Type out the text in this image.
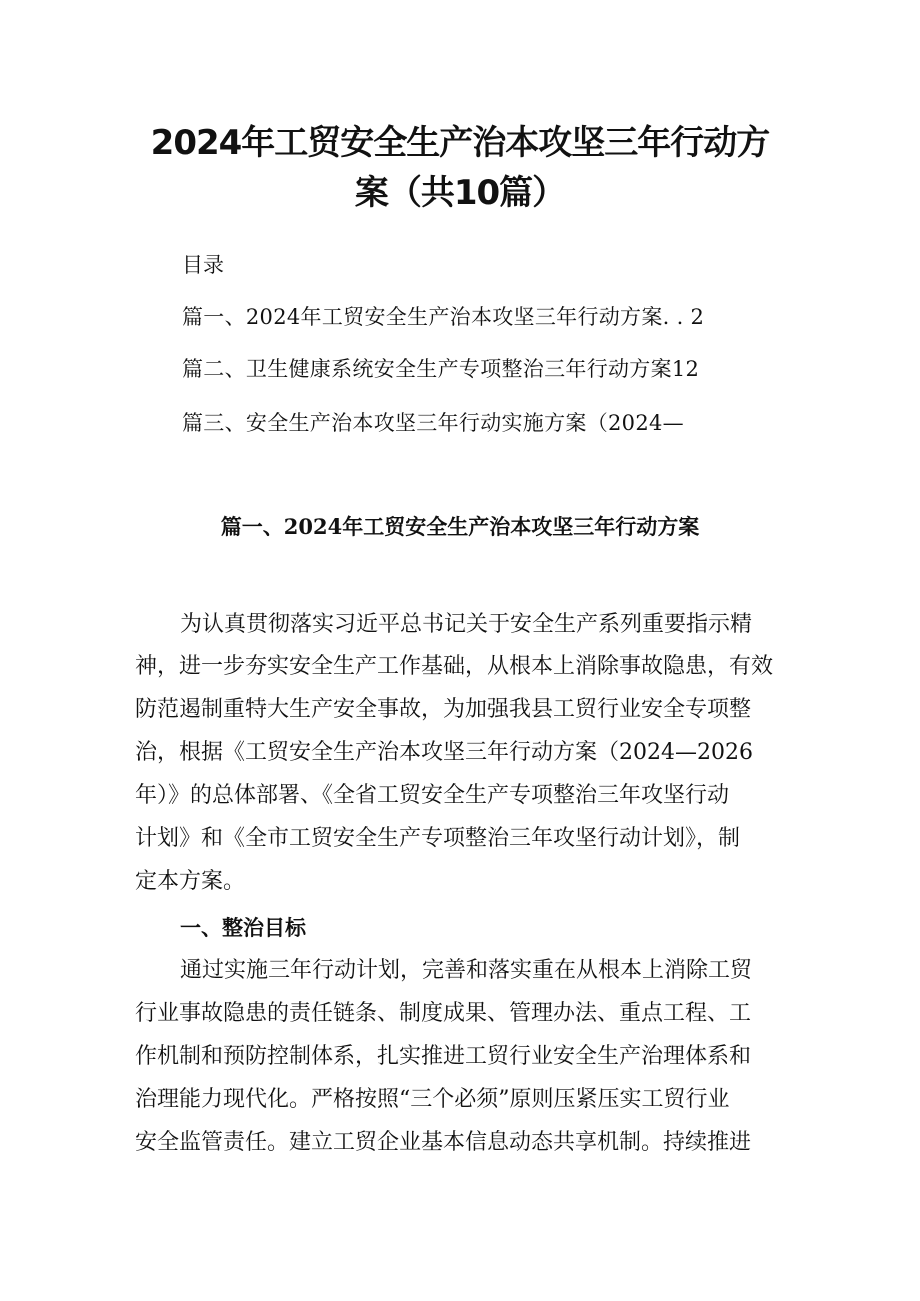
2024年工贸安全生产治本攻坚三年行动方
案（共10篇）
目录
篇一、2024年工贸安全生产治本攻坚三年行动方案. . 2
篇二、卫生健康系统安全生产专项整治三年行动方案12
篇三、安全生产治本攻坚三年行动实施方案（2024—
篇一、2024年工贸安全生产治本攻坚三年行动方案
为认真贯彻落实习近平总书记关于安全生产系列重要指示精
神，进一步夯实安全生产工作基础，从根本上消除事故隐患，有效
防范遏制重特大生产安全事故，为加强我县工贸行业安全专项整
治，根据《工贸安全生产治本攻坚三年行动方案（2024—2026
年）》的总体部署、《全省工贸安全生产专项整治三年攻坚行动
计划》和《全市工贸安全生产专项整治三年攻坚行动计划》，制
定本方案。
一、整治目标
通过实施三年行动计划，完善和落实重在从根本上消除工贸
行业事故隐患的责任链条、制度成果、管理办法、重点工程、工
作机制和预防控制体系，扎实推进工贸行业安全生产治理体系和
治理能力现代化。严格按照“三个必须”原则压紧压实工贸行业
安全监管责任。建立工贸企业基本信息动态共享机制。持续推进
